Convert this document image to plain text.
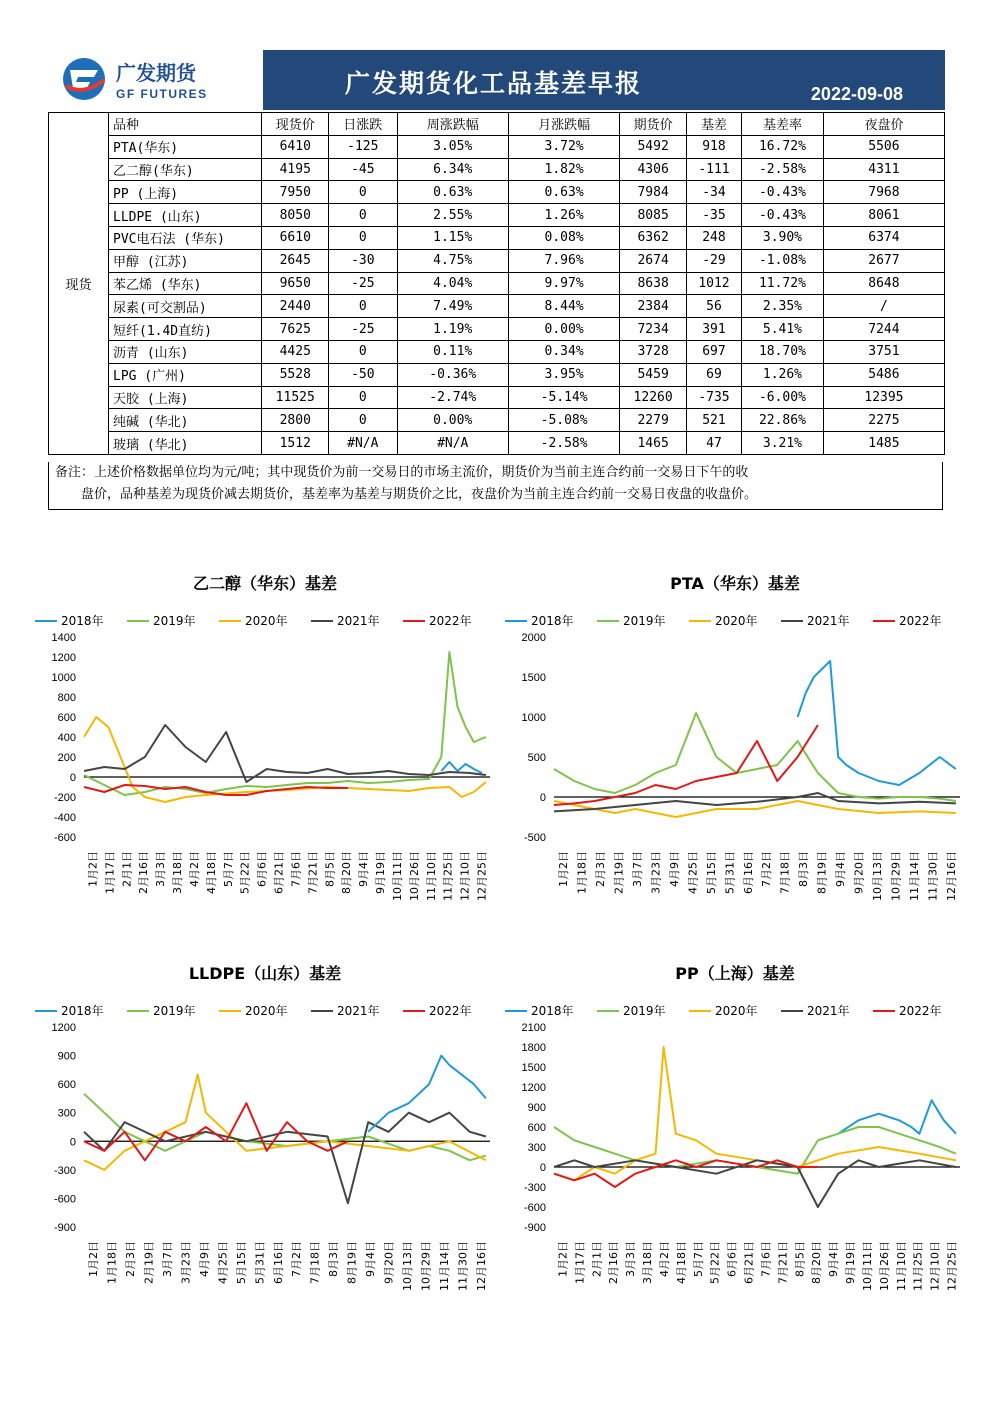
广发期货
GF FUTURES	广发期货化工品基差早报	2022-09-08
现货	品种	现货价	日涨跌	周涨跌幅	月涨跌幅	期货价	基差	基差率	夜盘价
	PTA(华东)	6410	-125	3.05%	3.72%	5492	918	16.72%	5506
	乙二醇(华东)	4195	-45	6.34%	1.82%	4306	-111	-2.58%	4311
	PP (上海)	7950	0	0.63%	0.63%	7984	-34	-0.43%	7968
	LLDPE (山东)	8050	0	2.55%	1.26%	8085	-35	-0.43%	8061
	PVC电石法 (华东)	6610	0	1.15%	0.08%	6362	248	3.90%	6374
	甲醇 (江苏)	2645	-30	4.75%	7.96%	2674	-29	-1.08%	2677
	苯乙烯 (华东)	9650	-25	4.04%	9.97%	8638	1012	11.72%	8648
	尿素(可交割品)	2440	0	7.49%	8.44%	2384	56	2.35%	/
	短纤(1.4D直纺)	7625	-25	1.19%	0.00%	7234	391	5.41%	7244
	沥青 (山东)	4425	0	0.11%	0.34%	3728	697	18.70%	3751
	LPG (广州)	5528	-50	-0.36%	3.95%	5459	69	1.26%	5486
	天胶 (上海)	11525	0	-2.74%	-5.14%	12260	-735	-6.00%	12395
	纯碱 (华北)	2800	0	0.00%	-5.08%	2279	521	22.86%	2275
	玻璃 (华北)	1512	#N/A	#N/A	-2.58%	1465	47	3.21%	1485
备注：上述价格数据单位均为元/吨；其中现货价为前一交易日的市场主流价，期货价为当前主连合约前一交易日下午的收
盘价，品种基差为现货价减去期货价，基差率为基差与期货价之比，夜盘价为当前主连合约前一交易日夜盘的收盘价。
乙二醇（华东）基差
2018年	2019年	2020年	2021年	2022年
-600
-400
-200
0
200
400
600
800
1000
1200
1400
1月2日 1月17日 2月1日 2月16日 3月3日 3月18日 4月2日 4月18日 5月7日 5月22日 6月6日 6月21日 7月6日 7月21日 8月5日 8月20日 9月4日 9月19日 10月11日 10月26日 11月10日 11月25日 12月10日 12月25日
PTA（华东）基差
2018年	2019年	2020年	2021年	2022年
-500
0
500
1000
1500
2000
1月2日 1月18日 2月3日 2月19日 3月7日 3月23日 4月9日 4月25日 5月15日 5月31日 6月16日 7月2日 7月18日 8月3日 8月19日 9月4日 9月20日 10月13日 10月29日 11月14日 11月30日 12月16日
LLDPE（山东）基差
2018年	2019年	2020年	2021年	2022年
-900
-600
-300
0
300
600
900
1200
1月2日 1月18日 2月3日 2月19日 3月7日 3月23日 4月9日 4月25日 5月15日 5月31日 6月16日 7月2日 7月18日 8月3日 8月19日 9月4日 9月20日 10月13日 10月29日 11月14日 11月30日 12月16日
PP（上海）基差
2018年	2019年	2020年	2021年	2022年
-900
-600
-300
0
300
600
900
1200
1500
1800
2100
1月2日 1月17日 2月1日 2月16日 3月3日 3月18日 4月2日 4月18日 5月7日 5月22日 6月6日 6月21日 7月6日 7月21日 8月5日 8月20日 9月4日 9月19日 10月11日 10月26日 11月10日 11月25日 12月10日 12月25日
